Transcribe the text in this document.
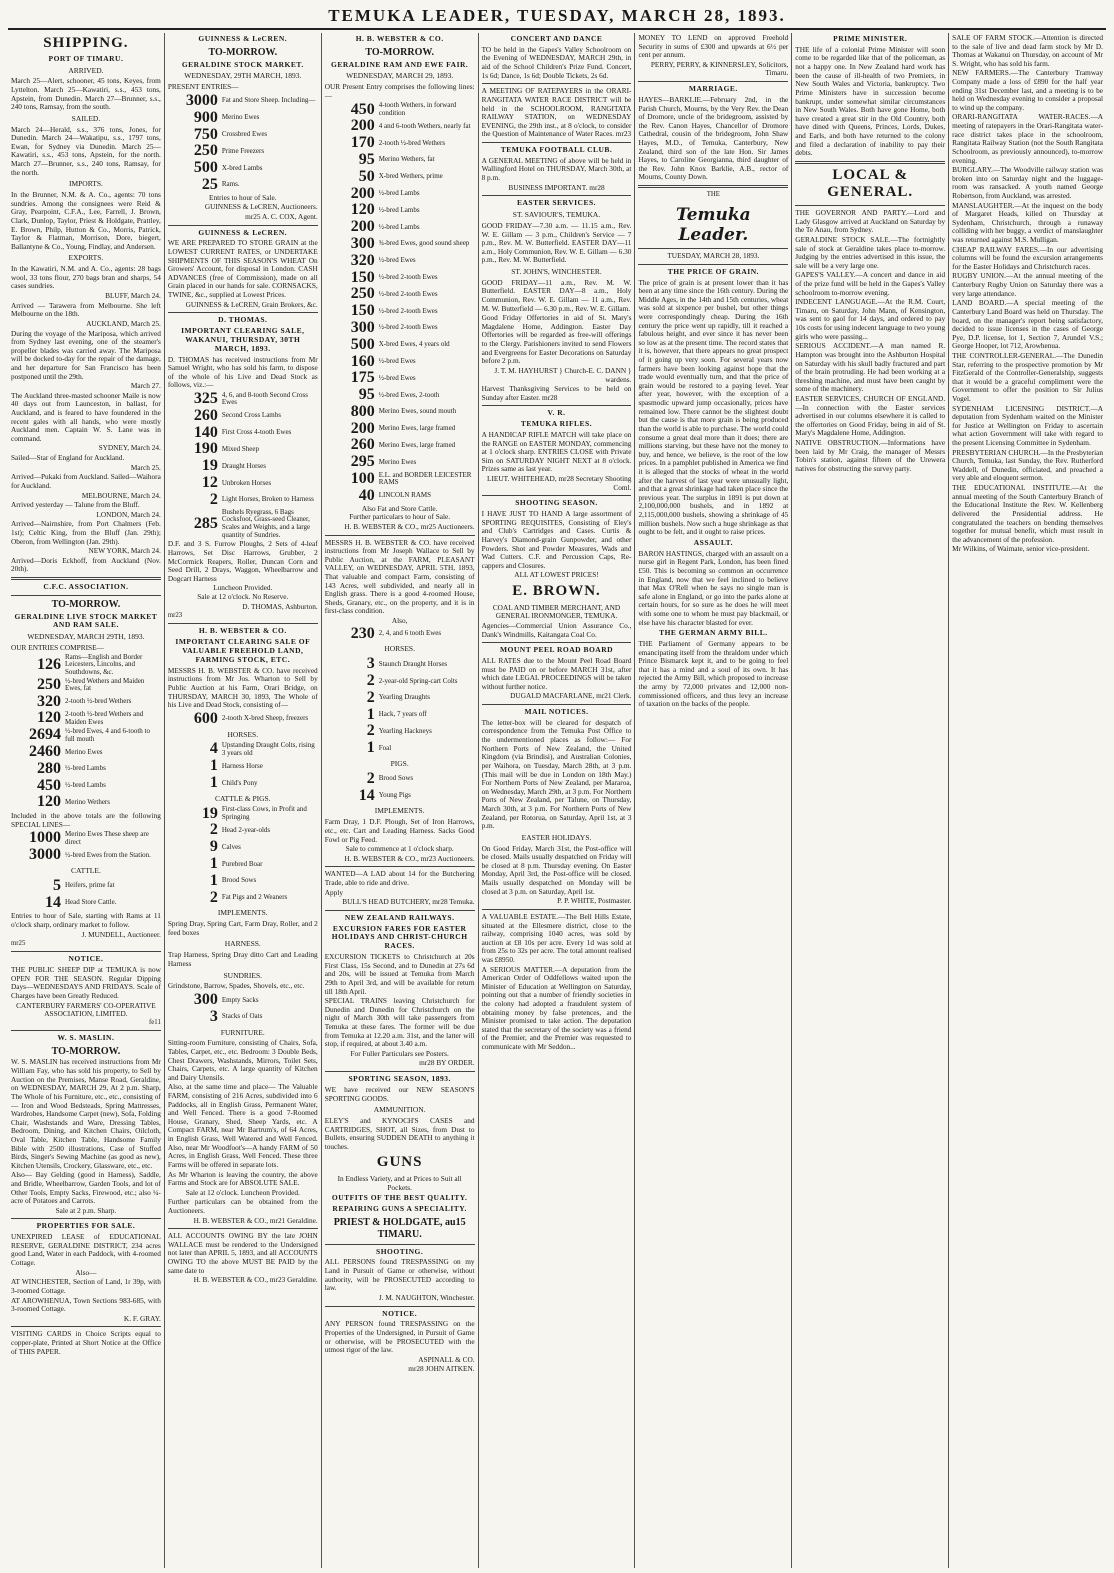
TEMUKA LEADER, TUESDAY, MARCH 28, 1893.
SHIPPING.
PORT OF TIMARU.
ARRIVED.
March 25—Alert, schooner, 45 tons, Keyes, from Lyttelton. March 25—Kawatiri, s.s., 453 tons, Apstein, from Dunedin. March 27—Brunner, s.s., 240 tons, Ramsay, from the south.
SAILED.
March 24—Herald, s.s., 376 tons, Jones, for Dunedin. March 24—Wakatipu, s.s., 1797 tons, Ewan, for Sydney via Dunedin. March 25—Kawatiri, s.s., 453 tons, Apstein, for the north. March 27—Brunner, s.s., 240 tons, Ramsay, for the north.
IMPORTS.
In the Brunner, N.M. & A. Co., agents: 70 tons sundries. Among the consignees were Reid & Gray, Pearpoint, C.F.A., Lee, Farrell, J. Brown, Clark, Dunlop, Taylor, Priest & Holdgate, Prattley, E. Brown, Philp, Hutton & Co., Morris, Patrick, Taylor & Flatman, Morrison, Dore, biegert, Ballantyne & Co., Young, Findlay, and Andersen.
EXPORTS.
In the Kawatiri, N.M. and A. Co., agents: 28 bags wool, 33 tons flour, 270 bags bran and sharps, 54 cases sundries.
BLUFF, March 24.
Arrived — Tarawera from Melbourne. She left Melbourne on the 18th.
AUCKLAND, March 25.
During the voyage of the Mariposa, which arrived from Sydney last evening, one of the steamer's propeller blades was carried away. The Mariposa will be docked to-day for the repair of the damage, and her departure for San Francisco has been postponed until the 29th.
March 27.
The Auckland three-masted schooner Maile is now 40 days out from Launceston, in ballast, for Auckland, and is feared to have foundered in the recent gales with all hands, who were mostly Auckland men. Captain W. S. Lane was in command.
SYDNEY, March 24.
Sailed—Star of England for Auckland.
March 25.
Arrived—Pukaki from Auckland. Sailed—Waihora for Auckland.
MELBOURNE, March 24.
Arrived yesterday — Talune from the Bluff.
LONDON, March 24.
Arrived—Nairnshire, from Port Chalmers (Feb. 1st); Celtic King, from the Bluff (Jan. 29th); Oberon, from Wellington (Jan. 29th).
NEW YORK, March 24.
Arrived—Doris Eckhoff, from Auckland (Nov. 20th).
C.F.C. ASSOCIATION.
TO-MORROW.
GERALDINE LIVE STOCK MARKET AND RAM SALE.
WEDNESDAY, MARCH 29TH, 1893.
OUR ENTRIES COMPRISE—
126 Rams—English and Border Leicesters, Lincolns, and Southdowns, &c.
250 ½-bred Wethers and Maiden Ewes, fat
320 2-tooth ½-bred Wethers
120 2-tooth ½-bred Wethers and Maiden Ewes
2694 ½-bred Ewes, 4 and 6-tooth to full mouth
2460 Merino Ewes
280 ½-bred Lambs
450 ½-bred Lambs
120 Merino Wethers
Included in the above totals are the following SPECIAL LINES—
1000 Merino Ewes These sheep are direct
3000 ½-bred Ewes from the Station.
CATTLE.
5 Heifers, prime fat
14 Head Store Cattle.
Entries to hour of Sale, starting with Rams at 11 o'clock sharp, ordinary market to follow.
J. MUNDELL, Auctioneer.
mr25
NOTICE.
THE PUBLIC SHEEP DIP at TEMUKA is now OPEN FOR THE SEASON. Regular Dipping Days—WEDNESDAYS AND FRIDAYS. Scale of Charges have been Greatly Reduced.
CANTERBURY FARMERS' CO-OPERATIVE ASSOCIATION, LIMITED.
fe11
W. S. MASLIN.
TO-MORROW.
W. S. MASLIN has received instructions from Mr William Fay, who has sold his property, to Sell by Auction on the Premises, Manse Road, Geraldine, on WEDNESDAY, MARCH 29, At 2 p.m. Sharp, The Whole of his Furniture, etc., etc., consisting of— Iron and Wood Bedsteads, Spring Mattresses, Wardrobes, Handsome Carpet (new), Sofa, Folding Chair, Washstands and Ware, Dressing Tables, Bedroom, Dining, and Kitchen Chairs, Oilcloth, Oval Table, Kitchen Table, Handsome Family Bible with 2500 illustrations, Case of Stuffed Birds, Singer's Sewing Machine (as good as new), Kitchen Utensils, Crockery, Glassware, etc., etc.
Also— Bay Gelding (good in Harness), Saddle, and Bridle, Wheelbarrow, Garden Tools, and lot of Other Tools, Empty Sacks, Firewood, etc.; also ¼-acre of Potatoes and Carrots.
Sale at 2 p.m. Sharp.
PROPERTIES FOR SALE.
UNEXPIRED LEASE of EDUCATIONAL RESERVE, GERALDINE DISTRICT, 234 acres good Land, Water in each Paddock, with 4-roomed Cottage.
Also—
AT WINCHESTER, Section of Land, 1r 39p, with 3-roomed Cottage.
AT AROWHENUA, Town Sections 983-685, with 3-roomed Cottage.
K. F. GRAY.
VISITING CARDS in Choice Scripts equal to copper-plate, Printed at Short Notice at the Office of THIS PAPER.
GUINNESS & LeCREN.
TO-MORROW.
GERALDINE STOCK MARKET.
WEDNESDAY, 29TH MARCH, 1893.
PRESENT ENTRIES—
3000 Fat and Store Sheep. Including—
900 Merino Ewes
750 Crossbred Ewes
250 Prime Freezers
500 X-bred Lambs
25 Rams.
Entries to hour of Sale.
GUINNESS & LeCREN, Auctioneers.
mr25 A. C. COX, Agent.
GUINNESS & LeCREN.
WE ARE PREPARED TO STORE GRAIN at the LOWEST CURRENT RATES, or UNDERTAKE SHIPMENTS OF THIS SEASON'S WHEAT On Growers' Account, for disposal in London. CASH ADVANCES (free of Commission), made on all Grain placed in our hands for sale. CORNSACKS, TWINE, &c., supplied at Lowest Prices.
GUINNESS & LeCREN, Grain Brokers, &c.
D. THOMAS.
IMPORTANT CLEARING SALE, WAKANUI, THURSDAY, 30TH MARCH, 1893.
D. THOMAS has received instructions from Mr Samuel Wright, who has sold his farm, to dispose of the whole of his Live and Dead Stock as follows, viz.:—
325 4, 6, and 8-tooth Second Cross Ewes
260 Second Cross Lambs
140 First Cross 4-tooth Ewes
190 Mixed Sheep
19 Draught Horses
12 Unbroken Horses
2 Light Horses, Broken to Harness
285
Bushels Ryegrass, 6 Bags Cocksfoot, Grass-seed Cleaner, Scales and Weights, and a large quantity of Sundries.
D.F. and 3 S. Furrow Ploughs, 2 Sets of 4-leaf Harrows, Set Disc Harrows, Grubber, 2 McCormick Reapers, Roller, Duncan Corn and Seed Drill, 2 Drays, Waggon, Wheelbarrow and Dogcart Harness
Luncheon Provided.
Sale at 12 o'clock. No Reserve.
D. THOMAS, Ashburton.
mr23
H. B. WEBSTER & CO.
IMPORTANT CLEARING SALE OF VALUABLE FREEHOLD LAND, FARMING STOCK, ETC.
MESSRS H. B. WEBSTER & CO. have received instructions from Mr Jos. Wharton to Sell by Public Auction at his Farm, Orari Bridge, on THURSDAY, MARCH 30, 1893, The Whole of his Live and Dead Stock, consisting of—
600 2-tooth X-bred Sheep, freezers
HORSES.
4 Upstanding Draught Colts, rising 3 years old
1 Harness Horse
1 Child's Pony
CATTLE & PIGS.
19 First-class Cows, in Profit and Springing
2 Head 2-year-olds
9 Calves
1 Purebred Boar
1 Brood Sows
2 Fat Pigs and 2 Weaners
IMPLEMENTS.
Spring Dray, Spring Cart, Farm Dray, Roller, and 2 feed boxes
HARNESS.
Trap Harness, Spring Dray ditto Cart and Leading Harness
SUNDRIES.
Grindstone, Barrow, Spades, Shovels, etc., etc.
300 Empty Sacks
3 Stacks of Oats
FURNITURE.
Sitting-room Furniture, consisting of Chairs, Sofa, Tables, Carpet, etc., etc. Bedroom: 3 Double Beds, Chest Drawers, Washstands, Mirrors, Toilet Sets, Chairs, Carpets, etc. A large quantity of Kitchen and Dairy Utensils.
Also, at the same time and place— The Valuable FARM, consisting of 216 Acres, subdivided into 6 Paddocks, all in English Grass, Permanent Water, and Well Fenced. There is a good 7-Roomed House, Granary, Shed, Sheep Yards, etc. A Compact FARM, near Mr Bartrum's, of 64 Acres, in English Grass, Well Watered and Well Fenced. Also, near Mr Woodfoot's—A handy FARM of 50 Acres, in English Grass, Well Fenced. These three Farms will be offered in separate lots.
As Mr Wharton is leaving the country, the above Farms and Stock are for ABSOLUTE SALE.
Sale at 12 o'clock. Luncheon Provided.
Further particulars can be obtained from the Auctioneers.
H. B. WEBSTER & CO., mr21 Geraldine.
ALL ACCOUNTS OWING BY the late JOHN WALLACE must be rendered to the Undersigned not later than APRIL 5, 1893, and all ACCOUNTS OWING TO the above MUST BE PAID by the same date to
H. B. WEBSTER & CO., mr23 Geraldine.
H. B. WEBSTER & CO.
TO-MORROW.
GERALDINE RAM AND EWE FAIR.
WEDNESDAY, MARCH 29, 1893.
OUR Present Entry comprises the following lines:—
450 4-tooth Wethers, in forward condition
200 4 and 6-tooth Wethers, nearly fat
170 2-tooth ½-bred Wethers
95 Merino Wethers, fat
50 X-bred Wethers, prime
200 ½-bred Lambs
120 ½-bred Lambs
200 ½-bred Lambs
300 ¾-bred Ewes, good sound sheep
320 ½-bred Ewes
150 ½-bred 2-tooth Ewes
250 ½-bred 2-tooth Ewes
150 ½-bred 2-tooth Ewes
300 ½-bred 2-tooth Ewes
500 X-bred Ewes, 4 years old
160 ½-bred Ewes
175 ½-bred Ewes
95 ½-bred Ewes, 2-tooth
800 Merino Ewes, sound mouth
200 Merino Ewes, large framed
260 Merino Ewes, large framed
295 Merino Ewes
100 E.L. and BORDER LEICESTER RAMS
40 LINCOLN RAMS
Also Fat and Store Cattle.
Further particulars to hour of Sale.
H. B. WEBSTER & CO., mr25 Auctioneers.
MESSRS H. B. WEBSTER & CO. have received instructions from Mr Joseph Wallace to Sell by Public Auction, at the FARM, PLEASANT VALLEY, on WEDNESDAY, APRIL 5TH, 1893, That valuable and compact Farm, consisting of 143 Acres, well subdivided, and nearly all in English grass. There is a good 4-roomed House, Sheds, Granary, etc., on the property, and it is in first-class condition.
Also,
230 2, 4, and 6 tooth Ewes
HORSES.
3 Staunch Draught Horses
2 2-year-old Spring-cart Colts
2 Yearling Draughts
1 Hack, 7 years off
2 Yearling Hackneys
1 Foal
PIGS.
2 Brood Sows
14 Young Pigs
IMPLEMENTS.
Farm Dray, 1 D.F. Plough, Set of Iron Harrows, etc., etc. Cart and Leading Harness. Sacks Good Fowl or Pig Feed.
Sale to commence at 1 o'clock sharp.
H. B. WEBSTER & CO., mr23 Auctioneers.
WANTED—A LAD about 14 for the Butchering Trade, able to ride and drive.
Apply
BULL'S HEAD BUTCHERY, mr28 Temuka.
NEW ZEALAND RAILWAYS.
EXCURSION FARES FOR EASTER HOLIDAYS AND CHRIST-CHURCH RACES.
EXCURSION TICKETS to Christchurch at 20s First Class, 15s Second, and to Dunedin at 27s 6d and 20s, will be issued at Temuka from March 29th to April 3rd, and will be available for return till 18th April.
SPECIAL TRAINS leaving Christchurch for Dunedin and Dunedin for Christchurch on the night of March 30th will take passengers from Temuka at these fares. The former will be due from Temuka at 12.20 a.m. 31st, and the latter will stop, if required, at about 3.40 a.m.
For Fuller Particulars see Posters.
mr28 BY ORDER.
SPORTING SEASON, 1893.
WE have received our NEW SEASON'S SPORTING GOODS.
AMMUNITION.
ELEY'S and KYNOCH'S CASES and CARTRIDGES, SHOT, all Sizes, from Dust to Bullets, ensuring SUDDEN DEATH to anything it touches.
GUNS
In Endless Variety, and at Prices to Suit all Pockets.
OUTFITS OF THE BEST QUALITY.
REPAIRING GUNS A SPECIALITY.
PRIEST & HOLDGATE, au15 TIMARU.
SHOOTING.
ALL PERSONS found TRESPASSING on my Land in Pursuit of Game or otherwise, without authority, will be PROSECUTED according to law.
J. M. NAUGHTON, Winchester.
NOTICE.
ANY PERSON found TRESPASSING on the Properties of the Undersigned, in Pursuit of Game or otherwise, will be PROSECUTED with the utmost rigor of the law.
ASPINALL & CO.
mr28 JOHN AITKEN.
CONCERT AND DANCE
TO be held in the Gapes's Valley Schoolroom on the Evening of WEDNESDAY, MARCH 29th, in aid of the School Children's Prize Fund. Concert, 1s 6d; Dance, 1s 6d; Double Tickets, 2s 6d.
A MEETING OF RATEPAYERS in the ORARI-RANGITATA WATER RACE DISTRICT will be held in the SCHOOLROOM, RANGITATA RAILWAY STATION, on WEDNESDAY EVENING, the 29th inst., at 8 o'clock, to consider the Question of Maintenance of Water Races. mr23
TEMUKA FOOTBALL CLUB.
A GENERAL MEETING of above will be held in Wallingford Hotel on THURSDAY, March 30th, at 8 p.m.
BUSINESS IMPORTANT. mr28
EASTER SERVICES.
ST. SAVIOUR'S, TEMUKA.
GOOD FRIDAY—7.30 a.m. — 11.15 a.m., Rev. W. E. Gillam — 3 p.m., Children's Service — 7 p.m., Rev. M. W. Butterfield. EASTER DAY—11 a.m., Holy Communion, Rev. W. E. Gillam — 6.30 p.m., Rev. M. W. Butterfield.
ST. JOHN'S, WINCHESTER.
GOOD FRIDAY—11 a.m., Rev. M. W. Butterfield. EASTER DAY—8 a.m., Holy Communion, Rev. W. E. Gillam — 11 a.m., Rev. M. W. Butterfield — 6.30 p.m., Rev. W. E. Gillam.
Good Friday Offertories in aid of St. Mary's Magdalene Home, Addington. Easter Day Offertories will be regarded as free-will offerings to the Clergy. Parishioners invited to send Flowers and Evergreens for Easter Decorations on Saturday before 2 p.m.
J. T. M. HAYHURST } Church-E. C. DANN } wardens.
Harvest Thanksgiving Services to be held on Sunday after Easter. mr28
V. R.
TEMUKA RIFLES.
A HANDICAP RIFLE MATCH will take place on the RANGE on EASTER MONDAY, commencing at 1 o'clock sharp. ENTRIES CLOSE with Private Sim on SATURDAY NIGHT NEXT at 8 o'clock. Prizes same as last year.
LIEUT. WHITEHEAD, mr28 Secretary Shooting Coml.
SHOOTING SEASON.
I HAVE JUST TO HAND A large assortment of SPORTING REQUISITES, Consisting of Eley's and Club's Cartridges and Cases. Curtis & Harvey's Diamond-grain Gunpowder, and other Powders. Shot and Powder Measures, Wads and Wad Cutters. C.F. and Percussion Caps, Re-cappers and Closures.
ALL AT LOWEST PRICES!
E. BROWN.
COAL AND TIMBER MERCHANT, AND GENERAL IRONMONGER, TEMUKA.
Agencies—Commercial Union Assurance Co., Dank's Windmills, Kaitangata Coal Co.
MOUNT PEEL ROAD BOARD
ALL RATES due to the Mount Peel Road Board must be PAID on or before MARCH 31st, after which date LEGAL PROCEEDINGS will be taken without further notice.
DUGALD MACFARLANE, mr21 Clerk.
MAIL NOTICES.
The letter-box will be cleared for despatch of correspondence from the Temuka Post Office to the undermentioned places as follow:— For Northern Ports of New Zealand, the United Kingdom (via Brindisi), and Australian Colonies, per Waihora, on Tuesday, March 28th, at 3 p.m. (This mail will be due in London on 18th May.) For Northern Ports of New Zealand, per Mararoa, on Wednesday, March 29th, at 3 p.m. For Northern Ports of New Zealand, per Talune, on Thursday, March 30th, at 3 p.m. For Northern Ports of New Zealand, per Rotorua, on Saturday, April 1st, at 3 p.m.
EASTER HOLIDAYS.
On Good Friday, March 31st, the Post-office will be closed. Mails usually despatched on Friday will be closed at 8 p.m. Thursday evening. On Easter Monday, April 3rd, the Post-office will be closed. Mails usually despatched on Monday will be closed at 3 p.m. on Saturday, April 1st.
P. P. WHITE, Postmaster.
A VALUABLE ESTATE.—The Bell Hills Estate, situated at the Ellesmere district, close to the railway, comprising 1040 acres, was sold by auction at £8 10s per acre. Every 1d was sold at from 25s to 32s per acre. The total amount realised was £8950.
A SERIOUS MATTER.—A deputation from the American Order of Oddfellows waited upon the Minister of Education at Wellington on Saturday, pointing out that a number of friendly societies in the colony had adopted a fraudulent system of obtaining money by false pretences, and the Minister promised to take action. The deputation stated that the secretary of the society was a friend of the Premier, and the Premier was requested to communicate with Mr Seddon...
MONEY TO LEND on approved Freehold Security in sums of £300 and upwards at 6½ per cent per annum.
PERRY, PERRY, & KINNERSLEY, Solicitors, Timaru.
MARRIAGE.
HAYES—BARKLIE.—February 2nd, in the Parish Church, Mourns, by the Very Rev. the Dean of Dromore, uncle of the bridegroom, assisted by the Rev. Canon Hayes, Chancellor of Dromore Cathedral, cousin of the bridegroom, John Shaw Hayes, M.D., of Temuka, Canterbury, New Zealand, third son of the late Hon. Sir James Hayes, to Caroline Georgianna, third daughter of the Rev. John Knox Barklie, A.B., rector of Mourns, County Down.
THE
Temuka Leader.
TUESDAY, MARCH 28, 1893.
THE PRICE OF GRAIN.
The price of grain is at present lower than it has been at any time since the 16th century. During the Middle Ages, in the 14th and 15th centuries, wheat was sold at sixpence per bushel, but other things were correspondingly cheap. During the 16th century the price went up rapidly, till it reached a fabulous height, and ever since it has never been so low as at the present time. The record states that it is, however, that there appears no great prospect of it going up very soon. For several years now farmers have been looking against hope that the trade would eventually turn, and that the price of grain would be restored to a paying level. Year after year, however, with the exception of a spasmodic upward jump occasionally, prices have remained low. There cannot be the slightest doubt but the cause is that more grain is being produced than the world is able to purchase. The world could consume a great deal more than it does; there are millions starving, but these have not the money to buy, and hence, we believe, is the root of the low prices. In a pamphlet published in America we find it is alleged that the stocks of wheat in the world after the harvest of last year were unusually light, and that a great shrinkage had taken place since the previous year. The surplus in 1891 is put down at 2,100,000,000 bushels, and in 1892 at 2,115,000,000 bushels, showing a shrinkage of 45 million bushels. Now such a huge shrinkage as that ought to be felt, and it ought to raise prices.
ASSAULT.
BARON HASTINGS, charged with an assault on a nurse girl in Regent Park, London, has been fined £50. This is becoming so common an occurrence in England, now that we feel inclined to believe that Max O'Rell when he says no single man is safe alone in England, or go into the parks alone at certain hours, for so sure as he does he will meet with some one to whom he must pay blackmail, or else have his character blasted for ever.
THE GERMAN ARMY BILL.
THE Parliament of Germany appears to be emancipating itself from the thraldom under which Prince Bismarck kept it, and to be going to feel that it has a mind and a soul of its own. It has rejected the Army Bill, which proposed to increase the army by 72,000 privates and 12,000 non-commissioned officers, and thus levy an increase of taxation on the backs of the people.
PRIME MINISTER.
THE life of a colonial Prime Minister will soon come to be regarded like that of the policeman, as not a happy one. In New Zealand hard work has been the cause of ill-health of two Premiers, in New South Wales and Victoria, bankruptcy. Two Prime Ministers have in succession become bankrupt, under somewhat similar circumstances in New South Wales. Both have gone Home, both have created a great stir in the Old Country, both have dined with Queens, Princes, Lords, Dukes, and Earls, and both have returned to the colony and filed a declaration of inability to pay their debts.
LOCAL & GENERAL.
THE GOVERNOR AND PARTY.—Lord and Lady Glasgow arrived at Auckland on Saturday by the Te Anau, from Sydney.
GERALDINE STOCK SALE.—The fortnightly sale of stock at Geraldine takes place to-morrow. Judging by the entries advertised in this issue, the sale will be a very large one.
GAPES'S VALLEY.—A concert and dance in aid of the prize fund will be held in the Gapes's Valley schoolroom to-morrow evening.
INDECENT LANGUAGE.—At the R.M. Court, Timaru, on Saturday, John Mann, of Kensington, was sent to gaol for 14 days, and ordered to pay 10s costs for using indecent language to two young girls who were passing...
SERIOUS ACCIDENT.—A man named R. Hampton was brought into the Ashburton Hospital on Saturday with his skull badly fractured and part of the brain protruding. He had been working at a threshing machine, and must have been caught by some of the machinery.
EASTER SERVICES, CHURCH OF ENGLAND.—In connection with the Easter services advertised in our columns elsewhere it is called to the offertories on Good Friday, being in aid of St. Mary's Magdalene Home, Addington.
NATIVE OBSTRUCTION.—Informations have been laid by Mr Craig, the manager of Messrs Tobin's station, against fifteen of the Urewera natives for obstructing the survey party.
SALE OF FARM STOCK.—Attention is directed to the sale of live and dead farm stock by Mr D. Thomas at Wakanui on Thursday, on account of Mr S. Wright, who has sold his farm.
NEW FARMERS.—The Canterbury Tramway Company made a loss of £890 for the half year ending 31st December last, and a meeting is to be held on Wednesday evening to consider a proposal to wind up the company.
ORARI-RANGITATA WATER-RACES.—A meeting of ratepayers in the Orari-Rangitata water-race district takes place in the schoolroom, Rangitata Railway Station (not the South Rangitata Schoolroom, as previously announced), to-morrow evening.
BURGLARY.—The Woodville railway station was broken into on Saturday night and the luggage-room was ransacked. A youth named George Robertson, from Auckland, was arrested.
MANSLAUGHTER.—At the inquest on the body of Margaret Heads, killed on Thursday at Sydenham, Christchurch, through a runaway colliding with her buggy, a verdict of manslaughter was returned against M.S. Mulligan.
CHEAP RAILWAY FARES.—In our advertising columns will be found the excursion arrangements for the Easter Holidays and Christchurch races.
RUGBY UNION.—At the annual meeting of the Canterbury Rugby Union on Saturday there was a very large attendance.
LAND BOARD.—A special meeting of the Canterbury Land Board was held on Thursday. The board, on the manager's report being satisfactory, decided to issue licenses in the cases of George Pye, D.P. license, lot 1, Section 7, Arundel V.S.; George Hooper, lot 712, Arowhenua.
THE CONTROLLER-GENERAL.—The Dunedin Star, referring to the prospective promotion by Mr FitzGerald of the Controller-Generalship, suggests that it would be a graceful compliment were the Government to offer the position to Sir Julius Vogel.
SYDENHAM LICENSING DISTRICT.—A deputation from Sydenham waited on the Minister for Justice at Wellington on Friday to ascertain what action Government will take with regard to the present Licensing Committee in Sydenham.
PRESBYTERIAN CHURCH.—In the Presbyterian Church, Temuka, last Sunday, the Rev. Rutherford Waddell, of Dunedin, officiated, and preached a very able and eloquent sermon.
THE EDUCATIONAL INSTITUTE.—At the annual meeting of the South Canterbury Branch of the Educational Institute the Rev. W. Kellenberg delivered the Presidential address. He congratulated the teachers on bending themselves together for mutual benefit, which must result in the advancement of the profession.
Mr Wilkins, of Waimate, senior vice-president.
